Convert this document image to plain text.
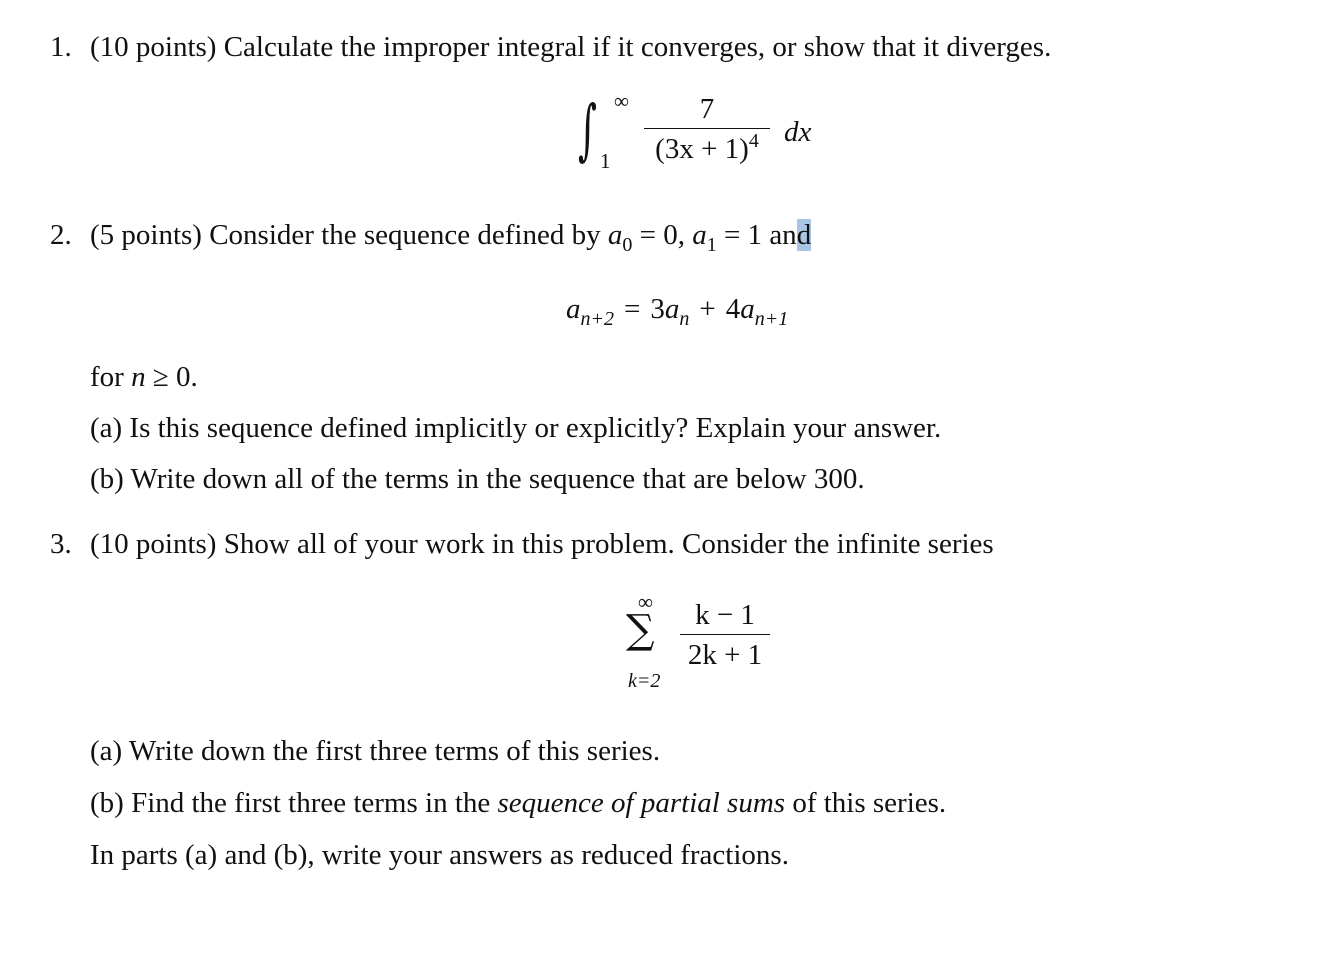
1. (10 points) Calculate the improper integral if it converges, or show that it diverges.
∫ ∞
1
7
$(3x + 1)^4$ dx
2. (5 points) Consider the sequence defined by $a_0 = 0$, $a_1 = 1$ and
$a_{n+2} = 3a_n + 4a_{n+1}$
for n ≥ 0.
(a) Is this sequence defined implicitly or explicitly? Explain your answer.
(b) Write down all of the terms in the sequence that are below 300.
3. (10 points) Show all of your work in this problem. Consider the infinite series
∞
∑
k=2
k − 1
2k + 1
(a) Write down the first three terms of this series.
(b) Find the first three terms in the sequence of partial sums of this series.
In parts (a) and (b), write your answers as reduced fractions.
